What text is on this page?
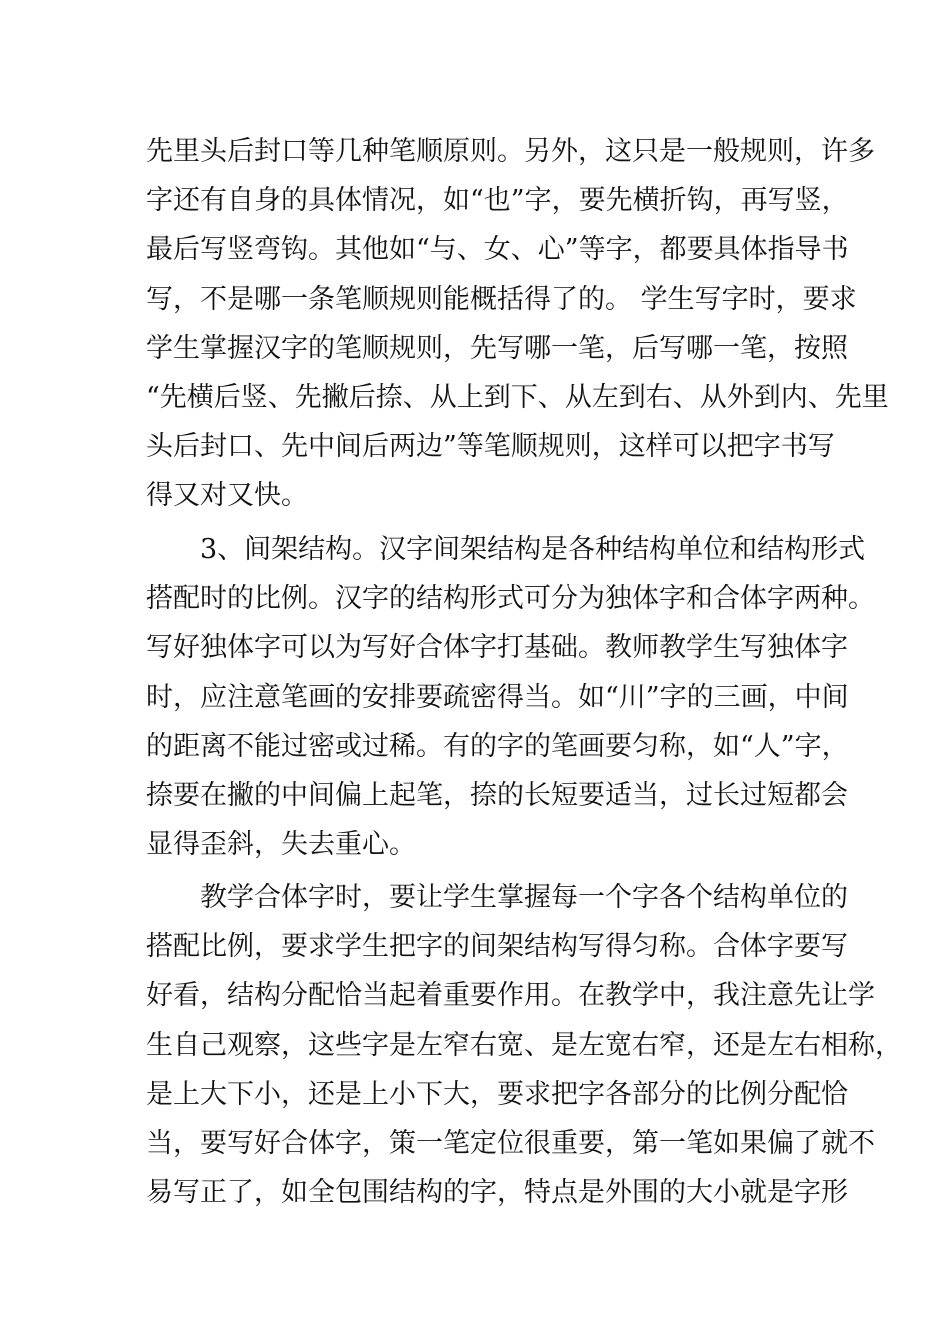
先里头后封口等几种笔顺原则。另外，这只是一般规则，许多
字还有自身的具体情况，如“也”字，要先横折钩，再写竖，
最后写竖弯钩。其他如“与、女、心”等字，都要具体指导书
写，不是哪一条笔顺规则能概括得了的。 学生写字时，要求
学生掌握汉字的笔顺规则，先写哪一笔，后写哪一笔，按照
“先横后竖、先撇后捺、从上到下、从左到右、从外到内、先里
头后封口、先中间后两边”等笔顺规则，这样可以把字书写
得又对又快。
3、间架结构。汉字间架结构是各种结构单位和结构形式
搭配时的比例。汉字的结构形式可分为独体字和合体字两种。
写好独体字可以为写好合体字打基础。教师教学生写独体字
时，应注意笔画的安排要疏密得当。如“川”字的三画，中间
的距离不能过密或过稀。有的字的笔画要匀称，如“人”字，
捺要在撇的中间偏上起笔，捺的长短要适当，过长过短都会
显得歪斜，失去重心。
教学合体字时，要让学生掌握每一个字各个结构单位的
搭配比例，要求学生把字的间架结构写得匀称。合体字要写
好看，结构分配恰当起着重要作用。在教学中，我注意先让学
生自己观察，这些字是左窄右宽、是左宽右窄，还是左右相称，
是上大下小，还是上小下大，要求把字各部分的比例分配恰
当，要写好合体字，策一笔定位很重要，第一笔如果偏了就不
易写正了，如全包围结构的字，特点是外围的大小就是字形
